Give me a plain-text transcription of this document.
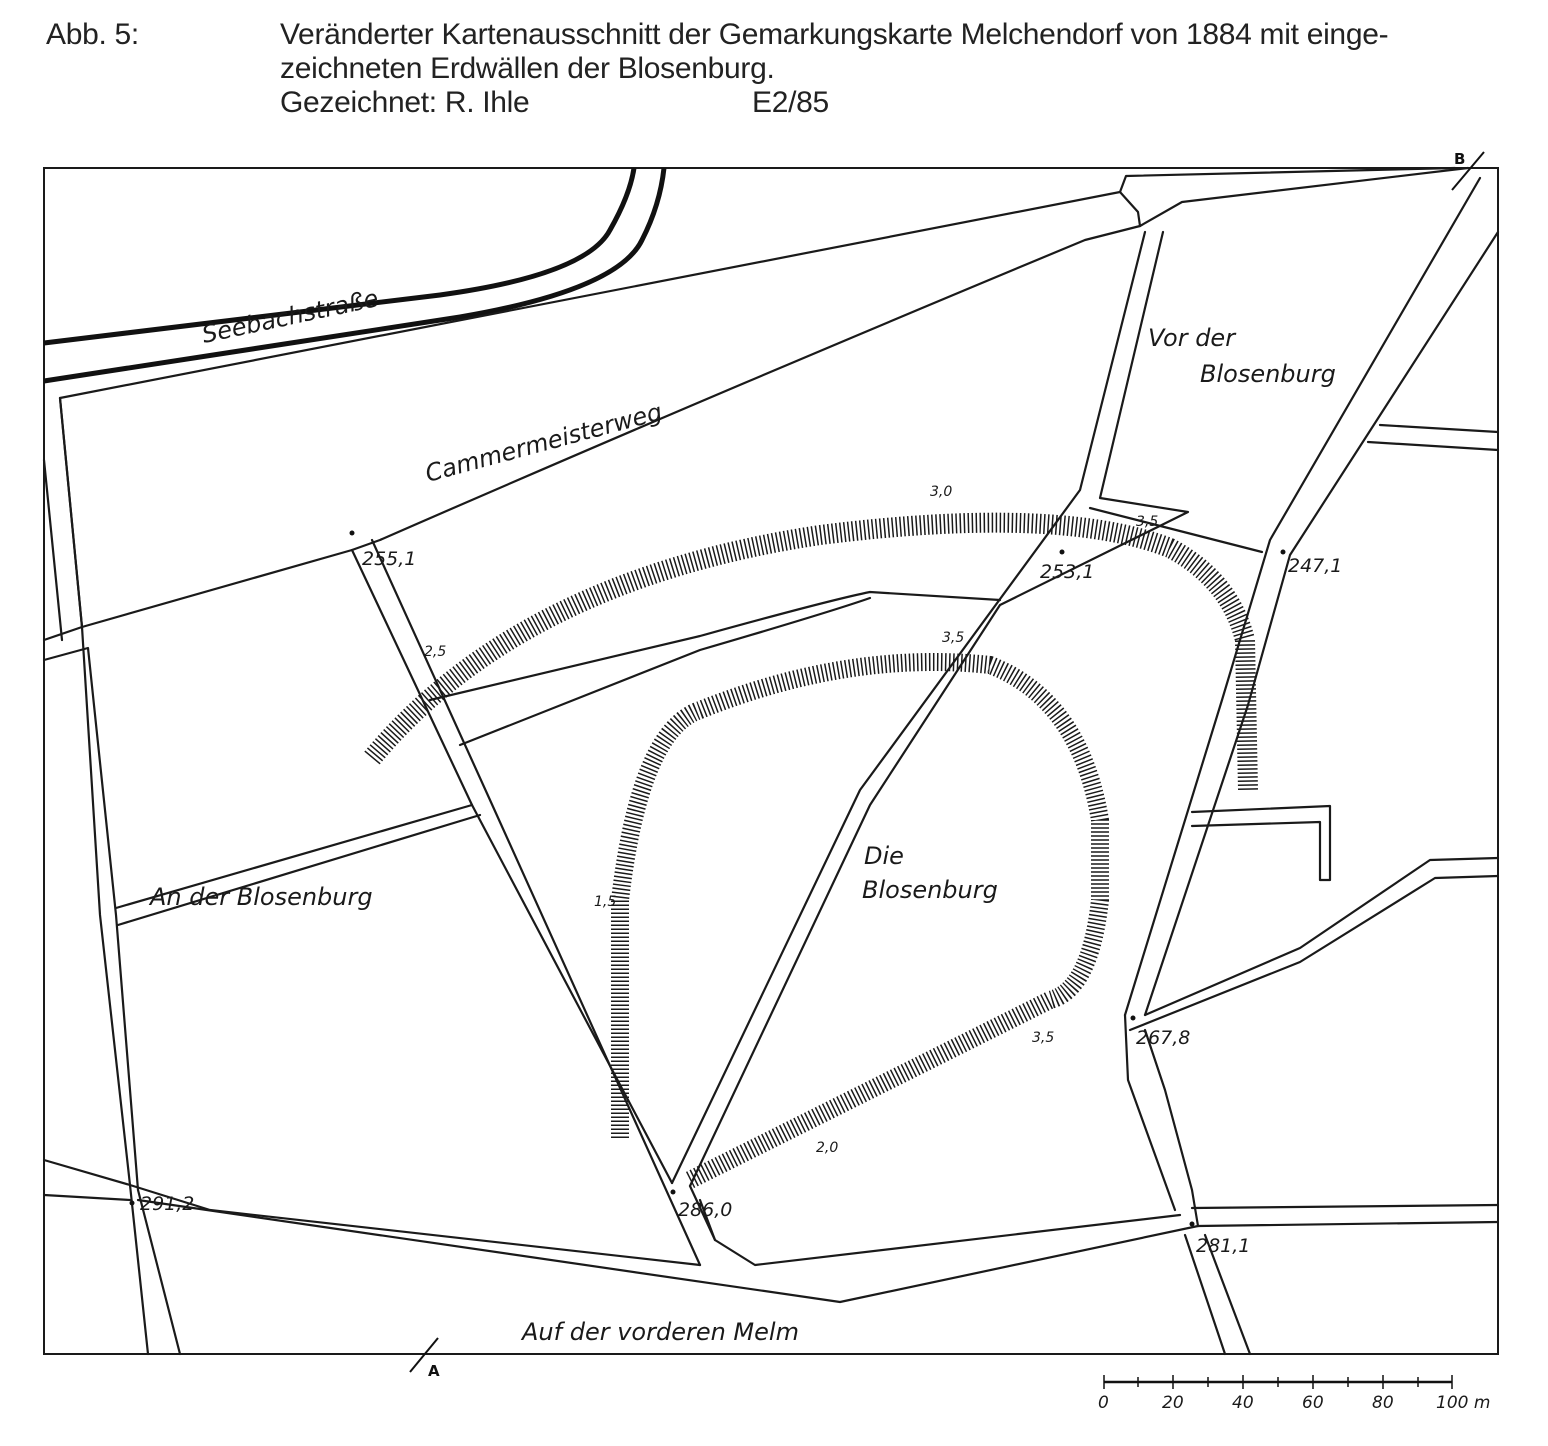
Abb. 5:	Veränderter Kartenausschnitt der Gemarkungskarte Melchendorf von 1884 mit einge-
zeichneten Erdwällen der Blosenburg.
Gezeichnet: R. Ihle	E2/85
Seebachstraße
Cammermeisterweg
Vor der
Blosenburg
An der Blosenburg
Die
Blosenburg
Auf der vorderen Melm
255,1
253,1	247,1
267,8
291,2	286,0
281,1
3,0
3,5
2,5
3,5
1,5
3,5
2,0
A
B
0	20	40	60	80 100 m
